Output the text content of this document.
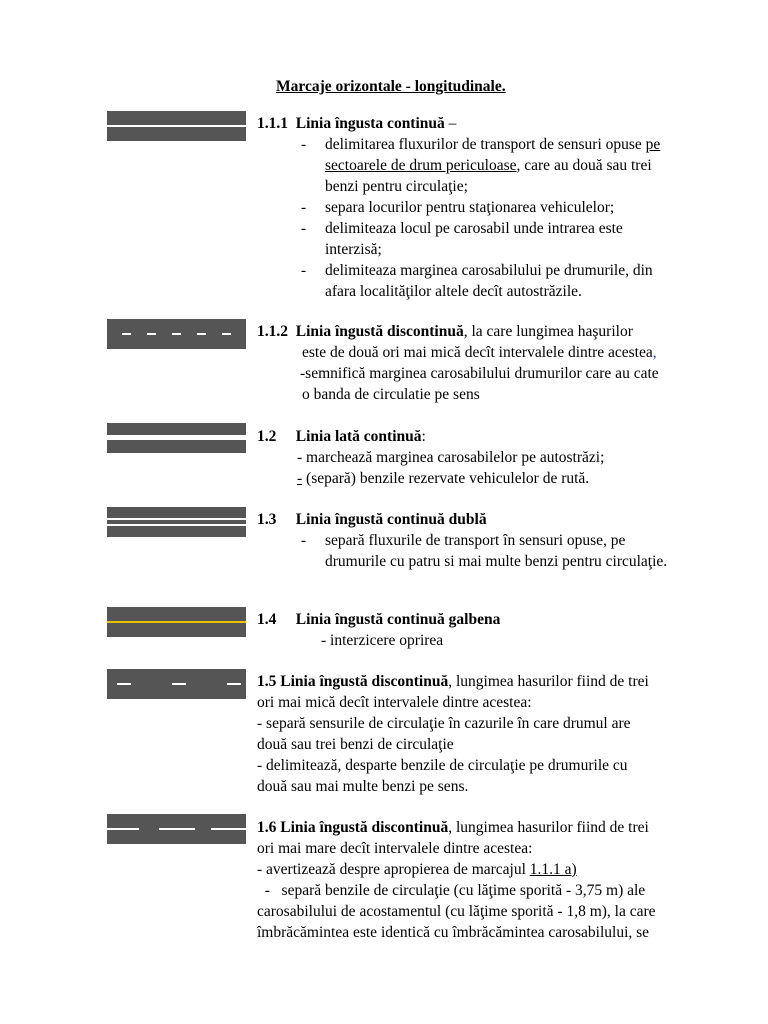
Marcaje orizontale - longitudinale.
1.1.1 Linia îngusta continuă –
- delimitarea fluxurilor de transport de sensuri opuse pe
sectoarele de drum periculoase, care au două sau trei
benzi pentru circulaţie;
- separa locurilor pentru staţionarea vehiculelor;
- delimiteaza locul pe carosabil unde intrarea este
interzisă;
- delimiteaza marginea carosabilului pe drumurile, din
afara localităţilor altele decît autostrăzile.
1.1.2 Linia îngustă discontinuă, la care lungimea haşurilor
este de două ori mai mică decît intervalele dintre acestea,
-semnifică marginea carosabilului drumurilor care au cate
o banda de circulatie pe sens
1.2 Linia lată continuă:
- marchează marginea carosabilelor pe autostrăzi;
- (separă) benzile rezervate vehiculelor de rută.
1.3 Linia îngustă continuă dublă
- separă fluxurile de transport în sensuri opuse, pe
drumurile cu patru si mai multe benzi pentru circulaţie.
1.4 Linia îngustă continuă galbena
- interzicere oprirea
1.5 Linia îngustă discontinuă, lungimea hasurilor fiind de trei
ori mai mică decît intervalele dintre acestea:
- separă sensurile de circulaţie în cazurile în care drumul are
două sau trei benzi de circulaţie
- delimitează, desparte benzile de circulaţie pe drumurile cu
două sau mai multe benzi pe sens.
1.6 Linia îngustă discontinuă, lungimea hasurilor fiind de trei
ori mai mare decît intervalele dintre acestea:
- avertizează despre apropierea de marcajul 1.1.1 a)
-   separă benzile de circulaţie (cu lăţime sporită - 3,75 m) ale
carosabilului de acostamentul (cu lăţime sporită - 1,8 m), la care
îmbrăcămintea este identică cu îmbrăcămintea carosabilului, se
